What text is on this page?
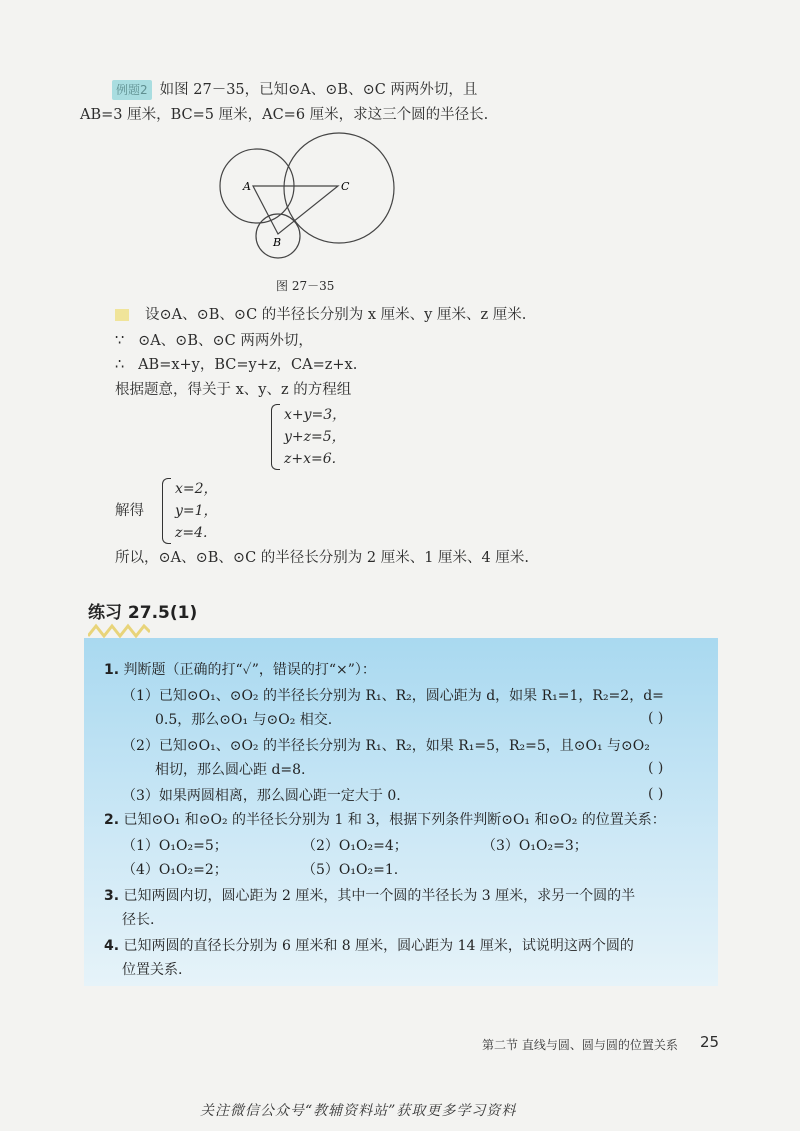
例题2 如图 27－35，已知⊙A、⊙B、⊙C 两两外切，且
AB=3 厘米，BC=5 厘米，AC=6 厘米，求这三个圆的半径长.
A	C
B
图 27－35
设⊙A、⊙B、⊙C 的半径长分别为 x 厘米、y 厘米、z 厘米.
∵ ⊙A、⊙B、⊙C 两两外切，
∴ AB=x+y，BC=y+z，CA=z+x.
根据题意，得关于 x、y、z 的方程组
x+y=3，
y+z=5，
z+x=6.
解得
x=2，
y=1，
z=4.
所以，⊙A、⊙B、⊙C 的半径长分别为 2 厘米、1 厘米、4 厘米.
练习 27.5(1)
1. 判断题（正确的打“✓”，错误的打“×”）：
（1）已知⊙O₁、⊙O₂ 的半径长分别为 R₁、R₂，圆心距为 d，如果 R₁=1，R₂=2，d=
0.5，那么⊙O₁ 与⊙O₂ 相交.	( )
（2）已知⊙O₁、⊙O₂ 的半径长分别为 R₁、R₂，如果 R₁=5，R₂=5，且⊙O₁ 与⊙O₂
相切，那么圆心距 d=8.	( )
（3）如果两圆相离，那么圆心距一定大于 0.	( )
2. 已知⊙O₁ 和⊙O₂ 的半径长分别为 1 和 3，根据下列条件判断⊙O₁ 和⊙O₂ 的位置关系：
（1）O₁O₂=5；	（2）O₁O₂=4；	（3）O₁O₂=3；
（4）O₁O₂=2；	（5）O₁O₂=1.
3. 已知两圆内切，圆心距为 2 厘米，其中一个圆的半径长为 3 厘米，求另一个圆的半
径长.
4. 已知两圆的直径长分别为 6 厘米和 8 厘米，圆心距为 14 厘米，试说明这两个圆的
位置关系.
第二节 直线与圆、圆与圆的位置关系 25
关注微信公众号“教辅资料站”获取更多学习资料
